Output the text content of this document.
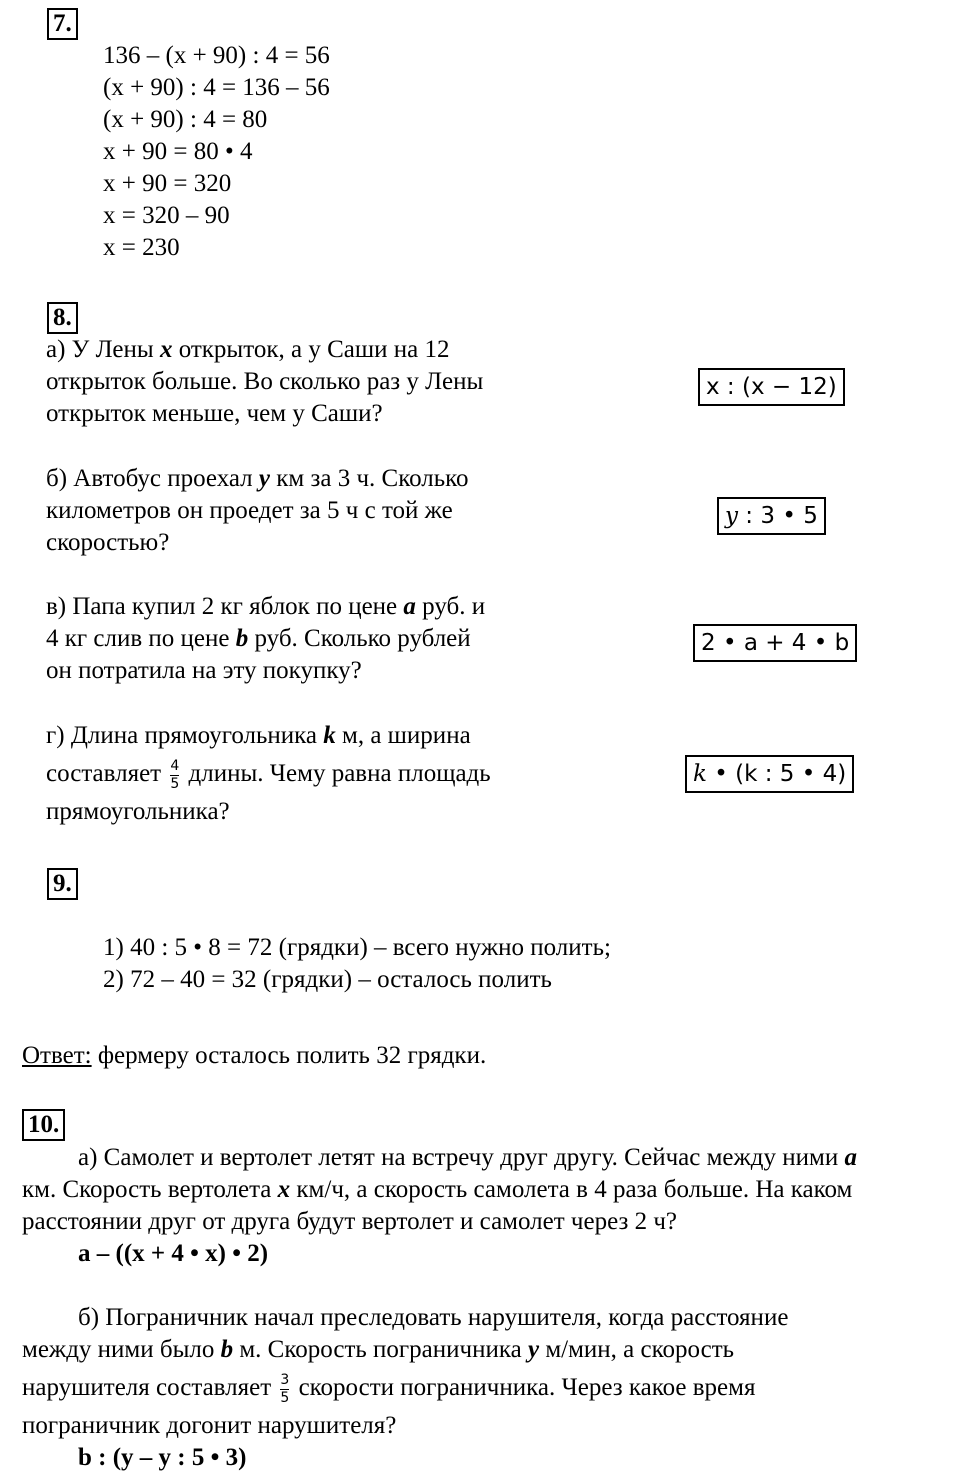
7.
136 – (x + 90) : 4 = 56
(x + 90) : 4 = 136 – 56
(x + 90) : 4 = 80
x + 90 = 80 • 4
x + 90 = 320
x = 320 – 90
x = 230
8.
а) У Лены x открыток, а у Саши на 12
открыток больше. Во сколько раз у Лены
открыток меньше, чем у Саши?
x : (x − 12)
б) Автобус проехал y км за 3 ч. Сколько
километров он проедет за 5 ч с той же
скоростью?
y : 3 • 5
в) Папа купил 2 кг яблок по цене a руб. и
4 кг слив по цене b руб. Сколько рублей
он потратила на эту покупку?
2 • a + 4 • b
г) Длина прямоугольника k м, а ширина
составляет $\frac{4}{5}$ длины. Чему равна площадь
прямоугольника?
k • (k : 5 • 4)
9.
1) 40 : 5 • 8 = 72 (грядки) – всего нужно полить;
2) 72 – 40 = 32 (грядки) – осталось полить
Ответ: фермеру осталось полить 32 грядки.
10.
а) Самолет и вертолет летят на встречу друг другу. Сейчас между ними а
км. Скорость вертолета x км/ч, а скорость самолета в 4 раза больше. На каком
расстоянии друг от друга будут вертолет и самолет через 2 ч?
a – ((x + 4 • x) • 2)
б) Пограничник начал преследовать нарушителя, когда расстояние
между ними было b м. Скорость пограничника y м/мин, а скорость
нарушителя составляет $\frac{3}{5}$ скорости пограничника. Через какое время
пограничник догонит нарушителя?
b : (y – y : 5 • 3)
